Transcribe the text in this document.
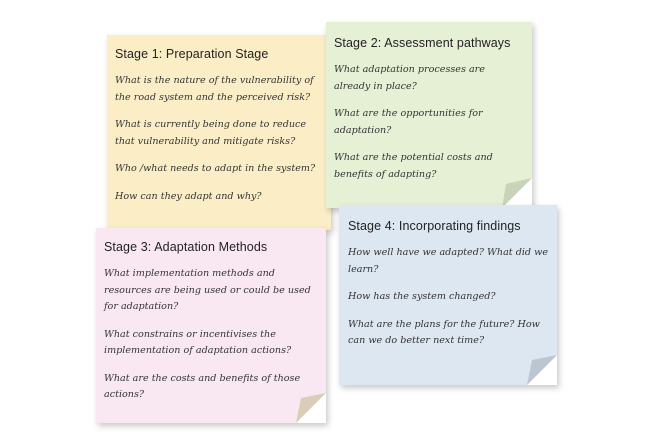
Stage 1: Preparation Stage

What is the nature of the vulnerability of the road system and the perceived risk?

What is currently being done to reduce that vulnerability and mitigate risks?

Who /what needs to adapt in the system?

How can they adapt and why?

Stage 2: Assessment pathways

What adaptation processes are already in place?

What are the opportunities for adaptation?

What are the potential costs and benefits of adapting?

Stage 3: Adaptation Methods

What implementation methods and resources are being used or could be used for adaptation?

What constrains or incentivises the implementation of adaptation actions?

What are the costs and benefits of those actions?

Stage 4: Incorporating findings

How well have we adapted? What did we learn?

How has the system changed?

What are the plans for the future? How can we do better next time?
